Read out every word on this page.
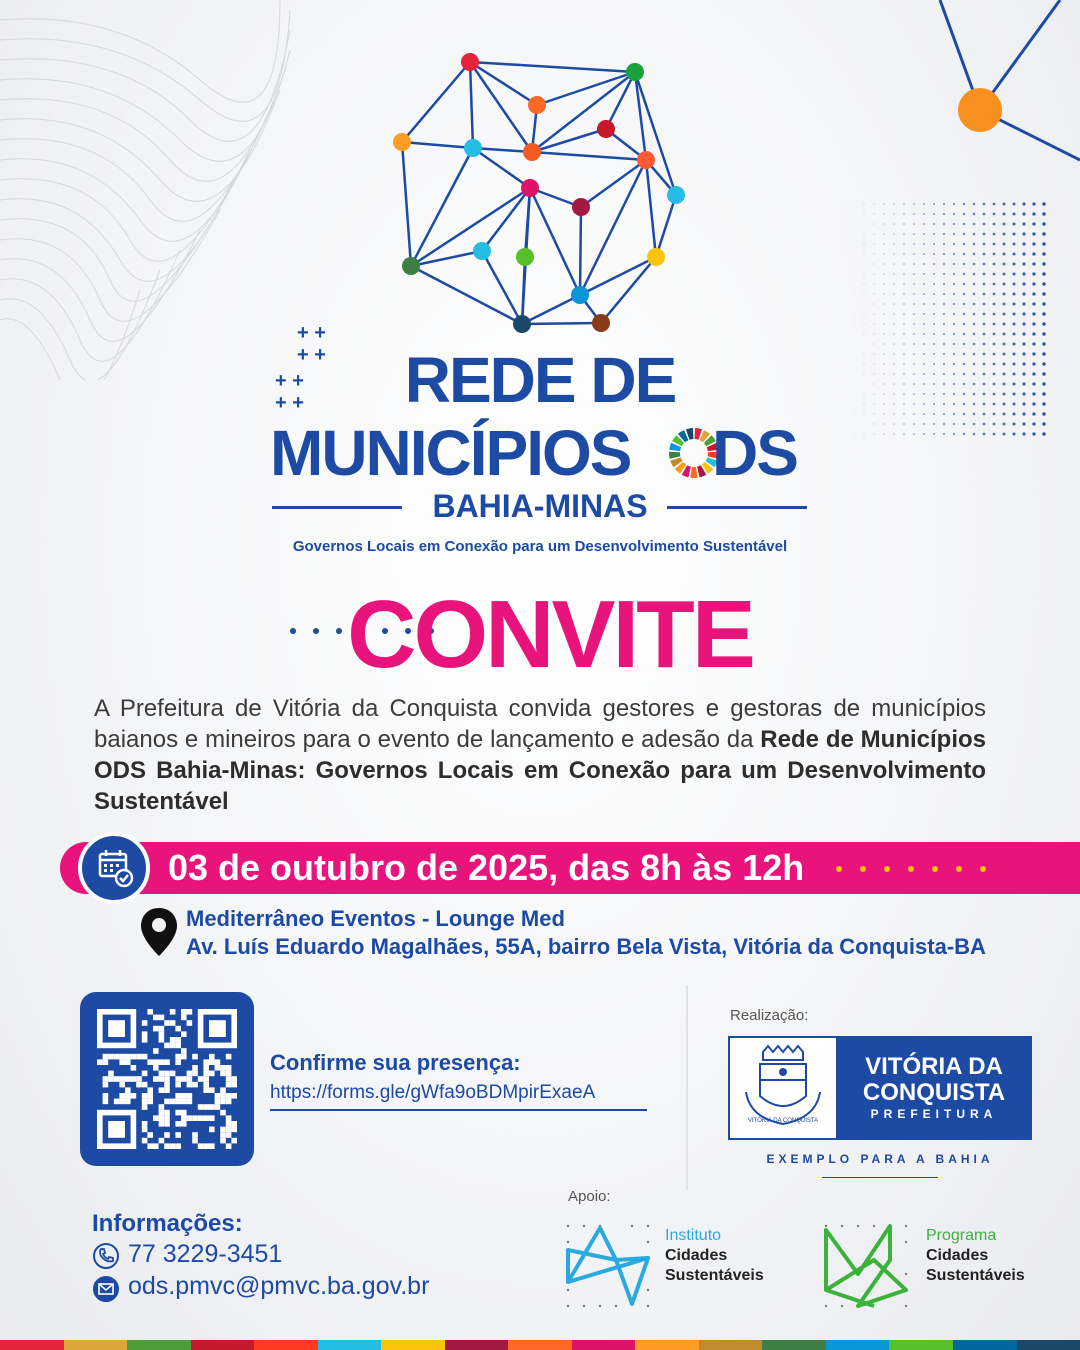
+ +
+ +
+ +
+ +	REDE DE
MUNICÍPIOS DS
BAHIA-MINAS
Governos Locais em Conexão para um Desenvolvimento Sustentável
CONVITE
A Prefeitura de Vitória da Conquista convida gestores e gestoras de municípios baianos e mineiros para o evento de lançamento e adesão da Rede de Municípios ODS Bahia-Minas: Governos Locais em Conexão para um Desenvolvimento Sustentável
03 de outubro de 2025, das 8h às 12h
Mediterrâneo Eventos - Lounge Med
Av. Luís Eduardo Magalhães, 55A, bairro Bela Vista, Vitória da Conquista-BA
Confirme sua presença:
https://forms.gle/gWfa9oBDMpirExaeA
Realização:
VITÓRIA DA CONQUISTA
VITÓRIA DA CONQUISTA
PREFEITURA
EXEMPLO PARA A BAHIA
Apoio:
Instituto
Cidades
Sustentáveis
Programa
Cidades
Sustentáveis
Informações:
77 3229-3451
ods.pmvc@pmvc.ba.gov.br
